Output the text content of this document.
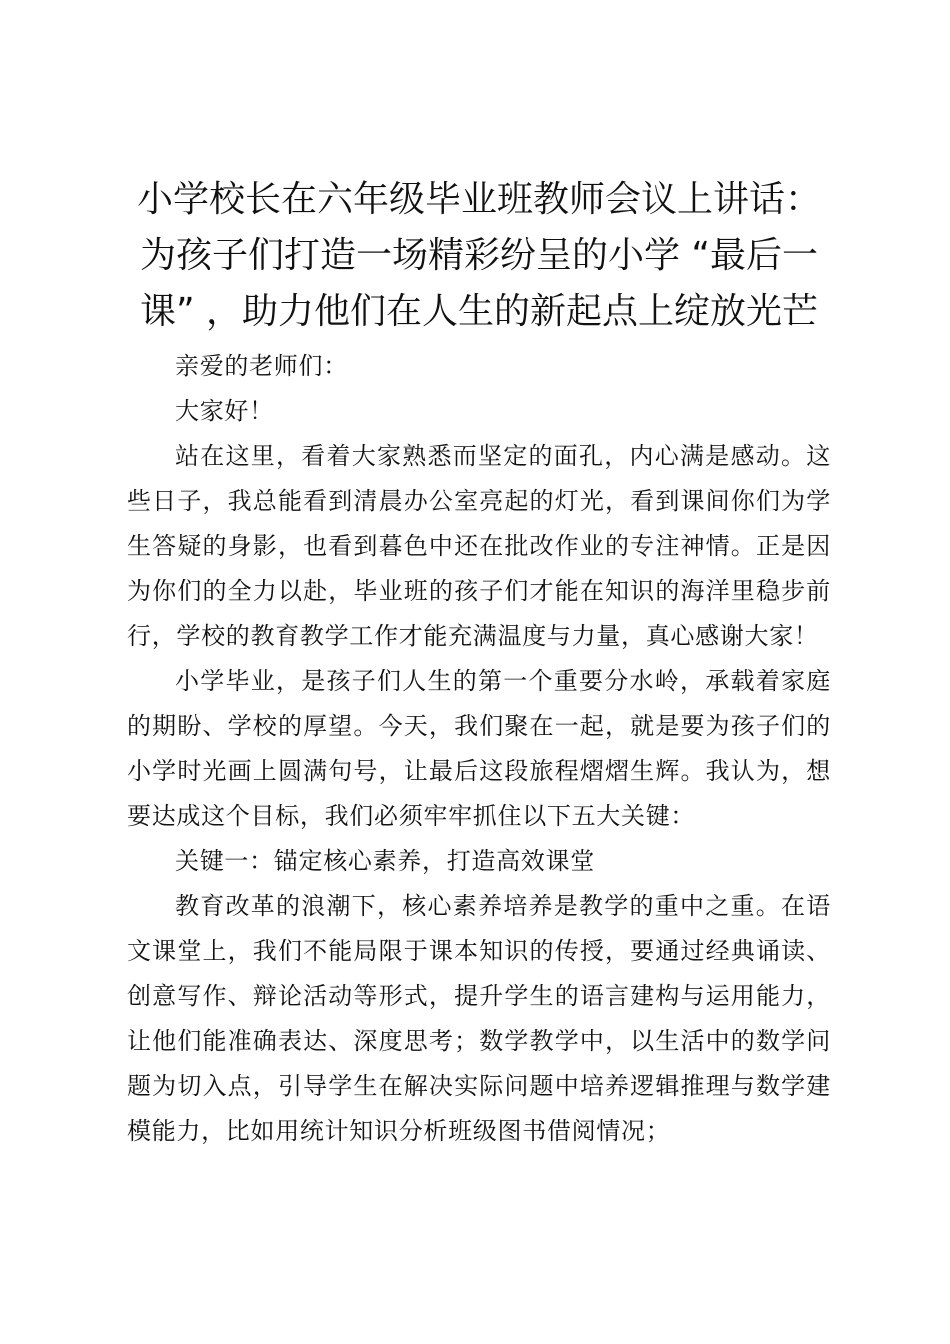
小学校长在六年级毕业班教师会议上讲话：为孩子们打造一场精彩纷呈的小学 “最后一课” ，助力他们在人生的新起点上绽放光芒

亲爱的老师们：

大家好！

站在这里，看着大家熟悉而坚定的面孔，内心满是感动。这些日子，我总能看到清晨办公室亮起的灯光，看到课间你们为学生答疑的身影，也看到暮色中还在批改作业的专注神情。正是因为你们的全力以赴，毕业班的孩子们才能在知识的海洋里稳步前行，学校的教育教学工作才能充满温度与力量，真心感谢大家！

小学毕业，是孩子们人生的第一个重要分水岭，承载着家庭的期盼、学校的厚望。今天，我们聚在一起，就是要为孩子们的小学时光画上圆满句号，让最后这段旅程熠熠生辉。我认为，想要达成这个目标，我们必须牢牢抓住以下五大关键：

关键一：锚定核心素养，打造高效课堂

教育改革的浪潮下，核心素养培养是教学的重中之重。在语文课堂上，我们不能局限于课本知识的传授，要通过经典诵读、创意写作、辩论活动等形式，提升学生的语言建构与运用能力，让他们能准确表达、深度思考；数学教学中，以生活中的数学问题为切入点，引导学生在解决实际问题中培养逻辑推理与数学建模能力，比如用统计知识分析班级图书借阅情况；
